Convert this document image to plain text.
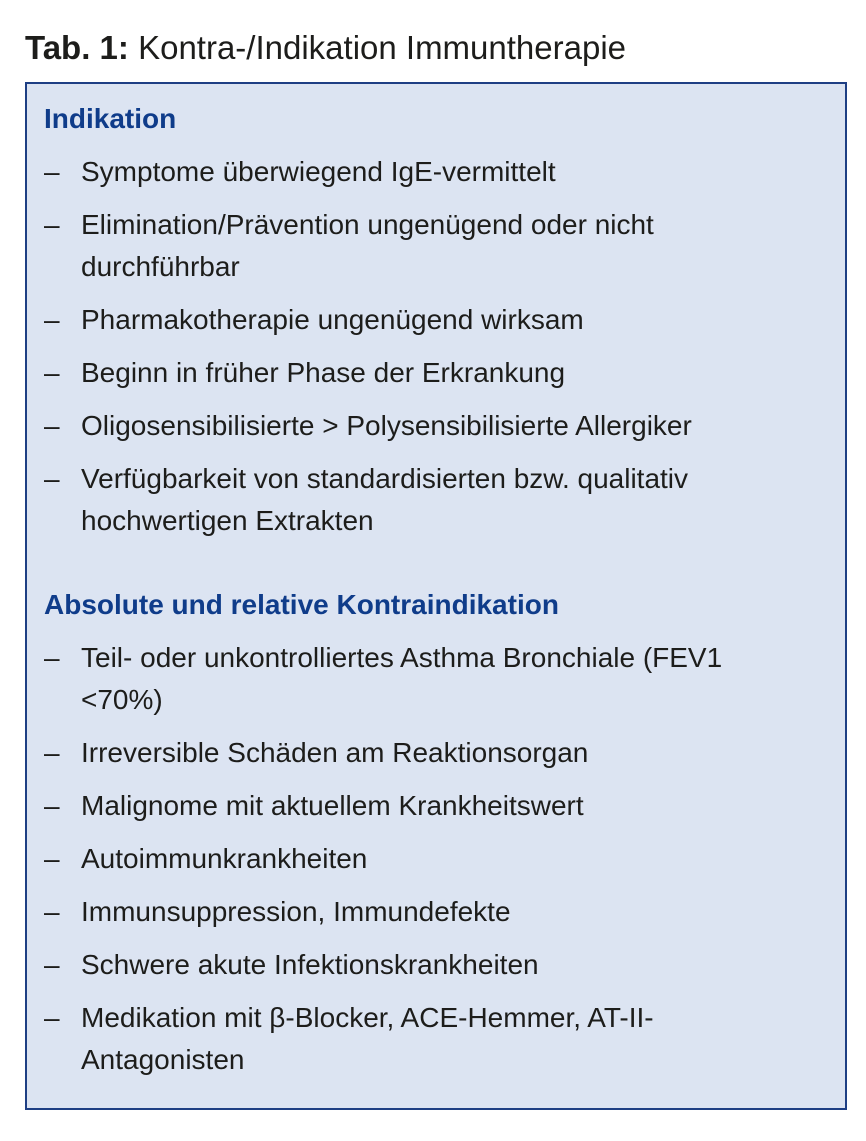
Tab. 1: Kontra-/Indikation Immuntherapie
Indikation
– Symptome überwiegend IgE-vermittelt
– Elimination/Prävention ungenügend oder nicht durchführbar
– Pharmakotherapie ungenügend wirksam
– Beginn in früher Phase der Erkrankung
– Oligosensibilisierte > Polysensibilisierte Allergiker
– Verfügbarkeit von standardisierten bzw. qualitativ hochwertigen Extrakten
Absolute und relative Kontraindikation
– Teil- oder unkontrolliertes Asthma Bronchiale (FEV1 <70%)
– Irreversible Schäden am Reaktionsorgan
– Malignome mit aktuellem Krankheitswert
– Autoimmunkrankheiten
– Immunsuppression, Immundefekte
– Schwere akute Infektionskrankheiten
– Medikation mit β-Blocker, ACE-Hemmer, AT-II-Antagonisten
